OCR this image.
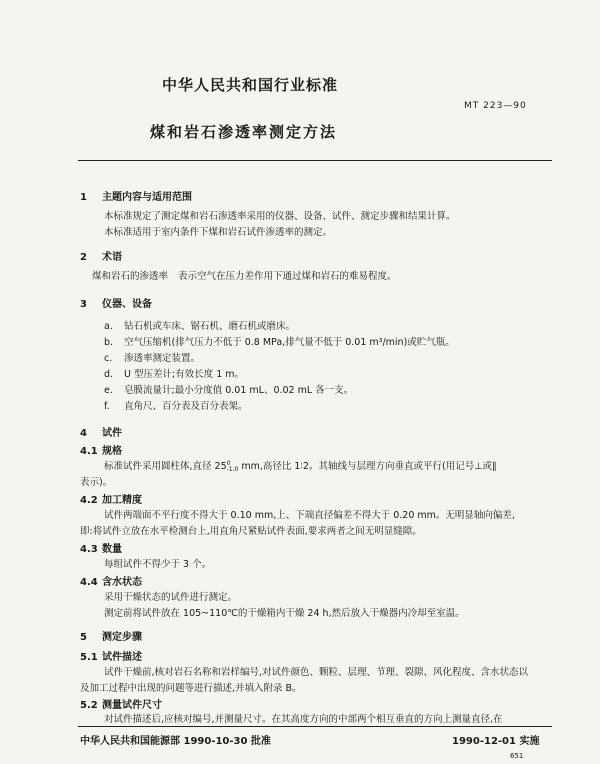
中华人民共和国行业标准
MT 223—90
煤和岩石渗透率测定方法
1 主题内容与适用范围
本标准规定了测定煤和岩石渗透率采用的仪器、设备、试件、测定步骤和结果计算。
本标准适用于室内条件下煤和岩石试件渗透率的测定。
2 术语
煤和岩石的渗透率 表示空气在压力差作用下通过煤和岩石的难易程度。
3 仪器、设备
a. 钻石机或车床、锯石机、磨石机或磨床。
b. 空气压缩机(排气压力不低于 0.8 MPa,排气量不低于 0.01 m³/min)或贮气瓶。
c. 渗透率测定装置。
d. U 型压差计;有效长度 1 m。
e. 皂膜流量计;最小分度值 0.01 mL、0.02 mL 各一支。
f. 直角尺、百分表及百分表架。
4 试件
4.1 规格
标准试件采用圆柱体,直径 25 0
-1.0 mm,高径比 1∶2。其轴线与层理方向垂直或平行(用记号⊥或∥
表示)。
4.2 加工精度
试件两端面不平行度不得大于 0.10 mm,上、下端直径偏差不得大于 0.20 mm。无明显轴向偏差,
即:将试件立放在水平检测台上,用直角尺紧贴试件表面,要求两者之间无明显缝隙。
4.3 数量
每组试件不得少于 3 个。
4.4 含水状态
采用干燥状态的试件进行测定。
测定前将试件放在 105~110℃的干燥箱内干燥 24 h,然后放入干燥器内冷却至室温。
5 测定步骤
5.1 试件描述
试件干燥前,核对岩石名称和岩样编号,对试件颜色、颗粒、层理、节理、裂隙、风化程度、含水状态以
及加工过程中出现的问题等进行描述,并填入附录 B。
5.2 测量试件尺寸
对试件描述后,应核对编号,并测量尺寸。在其高度方向的中部两个相互垂直的方向上测量直径,在
中华人民共和国能源部 1990-10-30 批准	1990-12-01 实施
651
